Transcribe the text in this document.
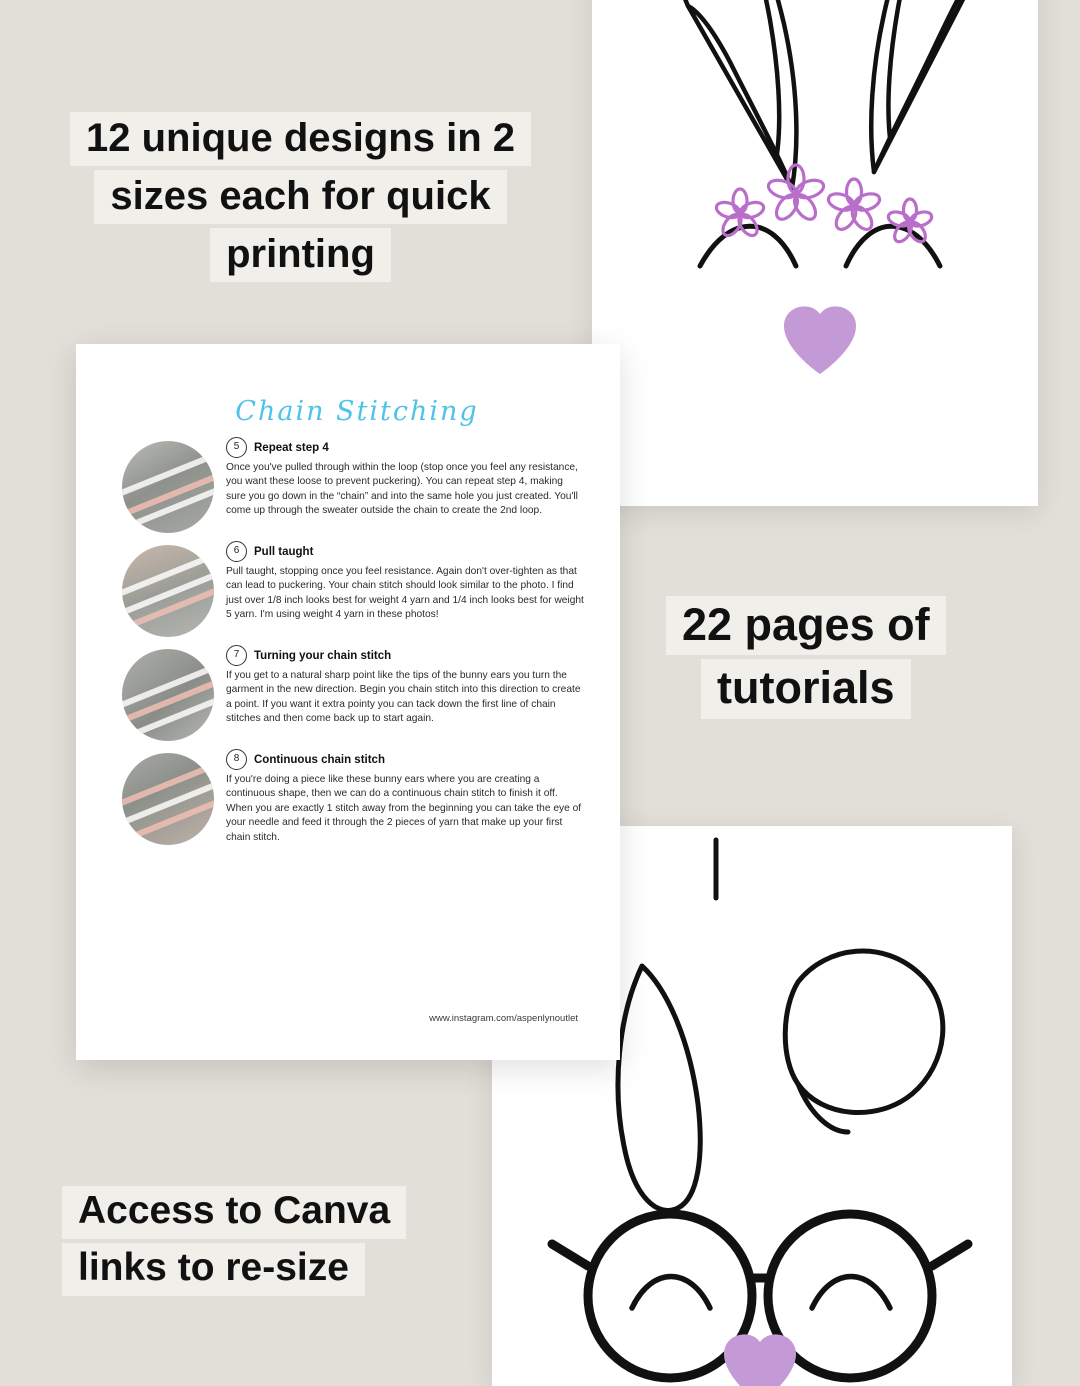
Chain Stitching
5	Repeat step 4

Once you've pulled through within the loop (stop once you feel any resistance, you want these loose to prevent puckering). You can repeat step 4, making sure you go down in the “chain” and into the same hole you just created. You'll come up through the sweater outside the chain to create the 2nd loop.

6	Pull taught

Pull taught, stopping once you feel resistance. Again don't over-tighten as that can lead to puckering. Your chain stitch should look similar to the photo. I find just over 1/8 inch looks best for weight 4 yarn and 1/4 inch looks best for weight 5 yarn. I'm using weight 4 yarn in these photos!

7	Turning your chain stitch

If you get to a natural sharp point like the tips of the bunny ears you turn the garment in the new direction. Begin you chain stitch into this direction to create a point. If you want it extra pointy you can tack down the first line of chain stitches and then come back up to start again.

8	Continuous chain stitch

If you're doing a piece like these bunny ears where you are creating a continuous shape, then we can do a continuous chain stitch to finish it off. When you are exactly 1 stitch away from the beginning you can take the eye of your needle and feed it through the 2 pieces of yarn that make up your first chain stitch.

www.instagram.com/aspenlynoutlet
12 unique designs in 2
sizes each for quick
printing
22 pages of
tutorials
Access to Canva
links to re-size
